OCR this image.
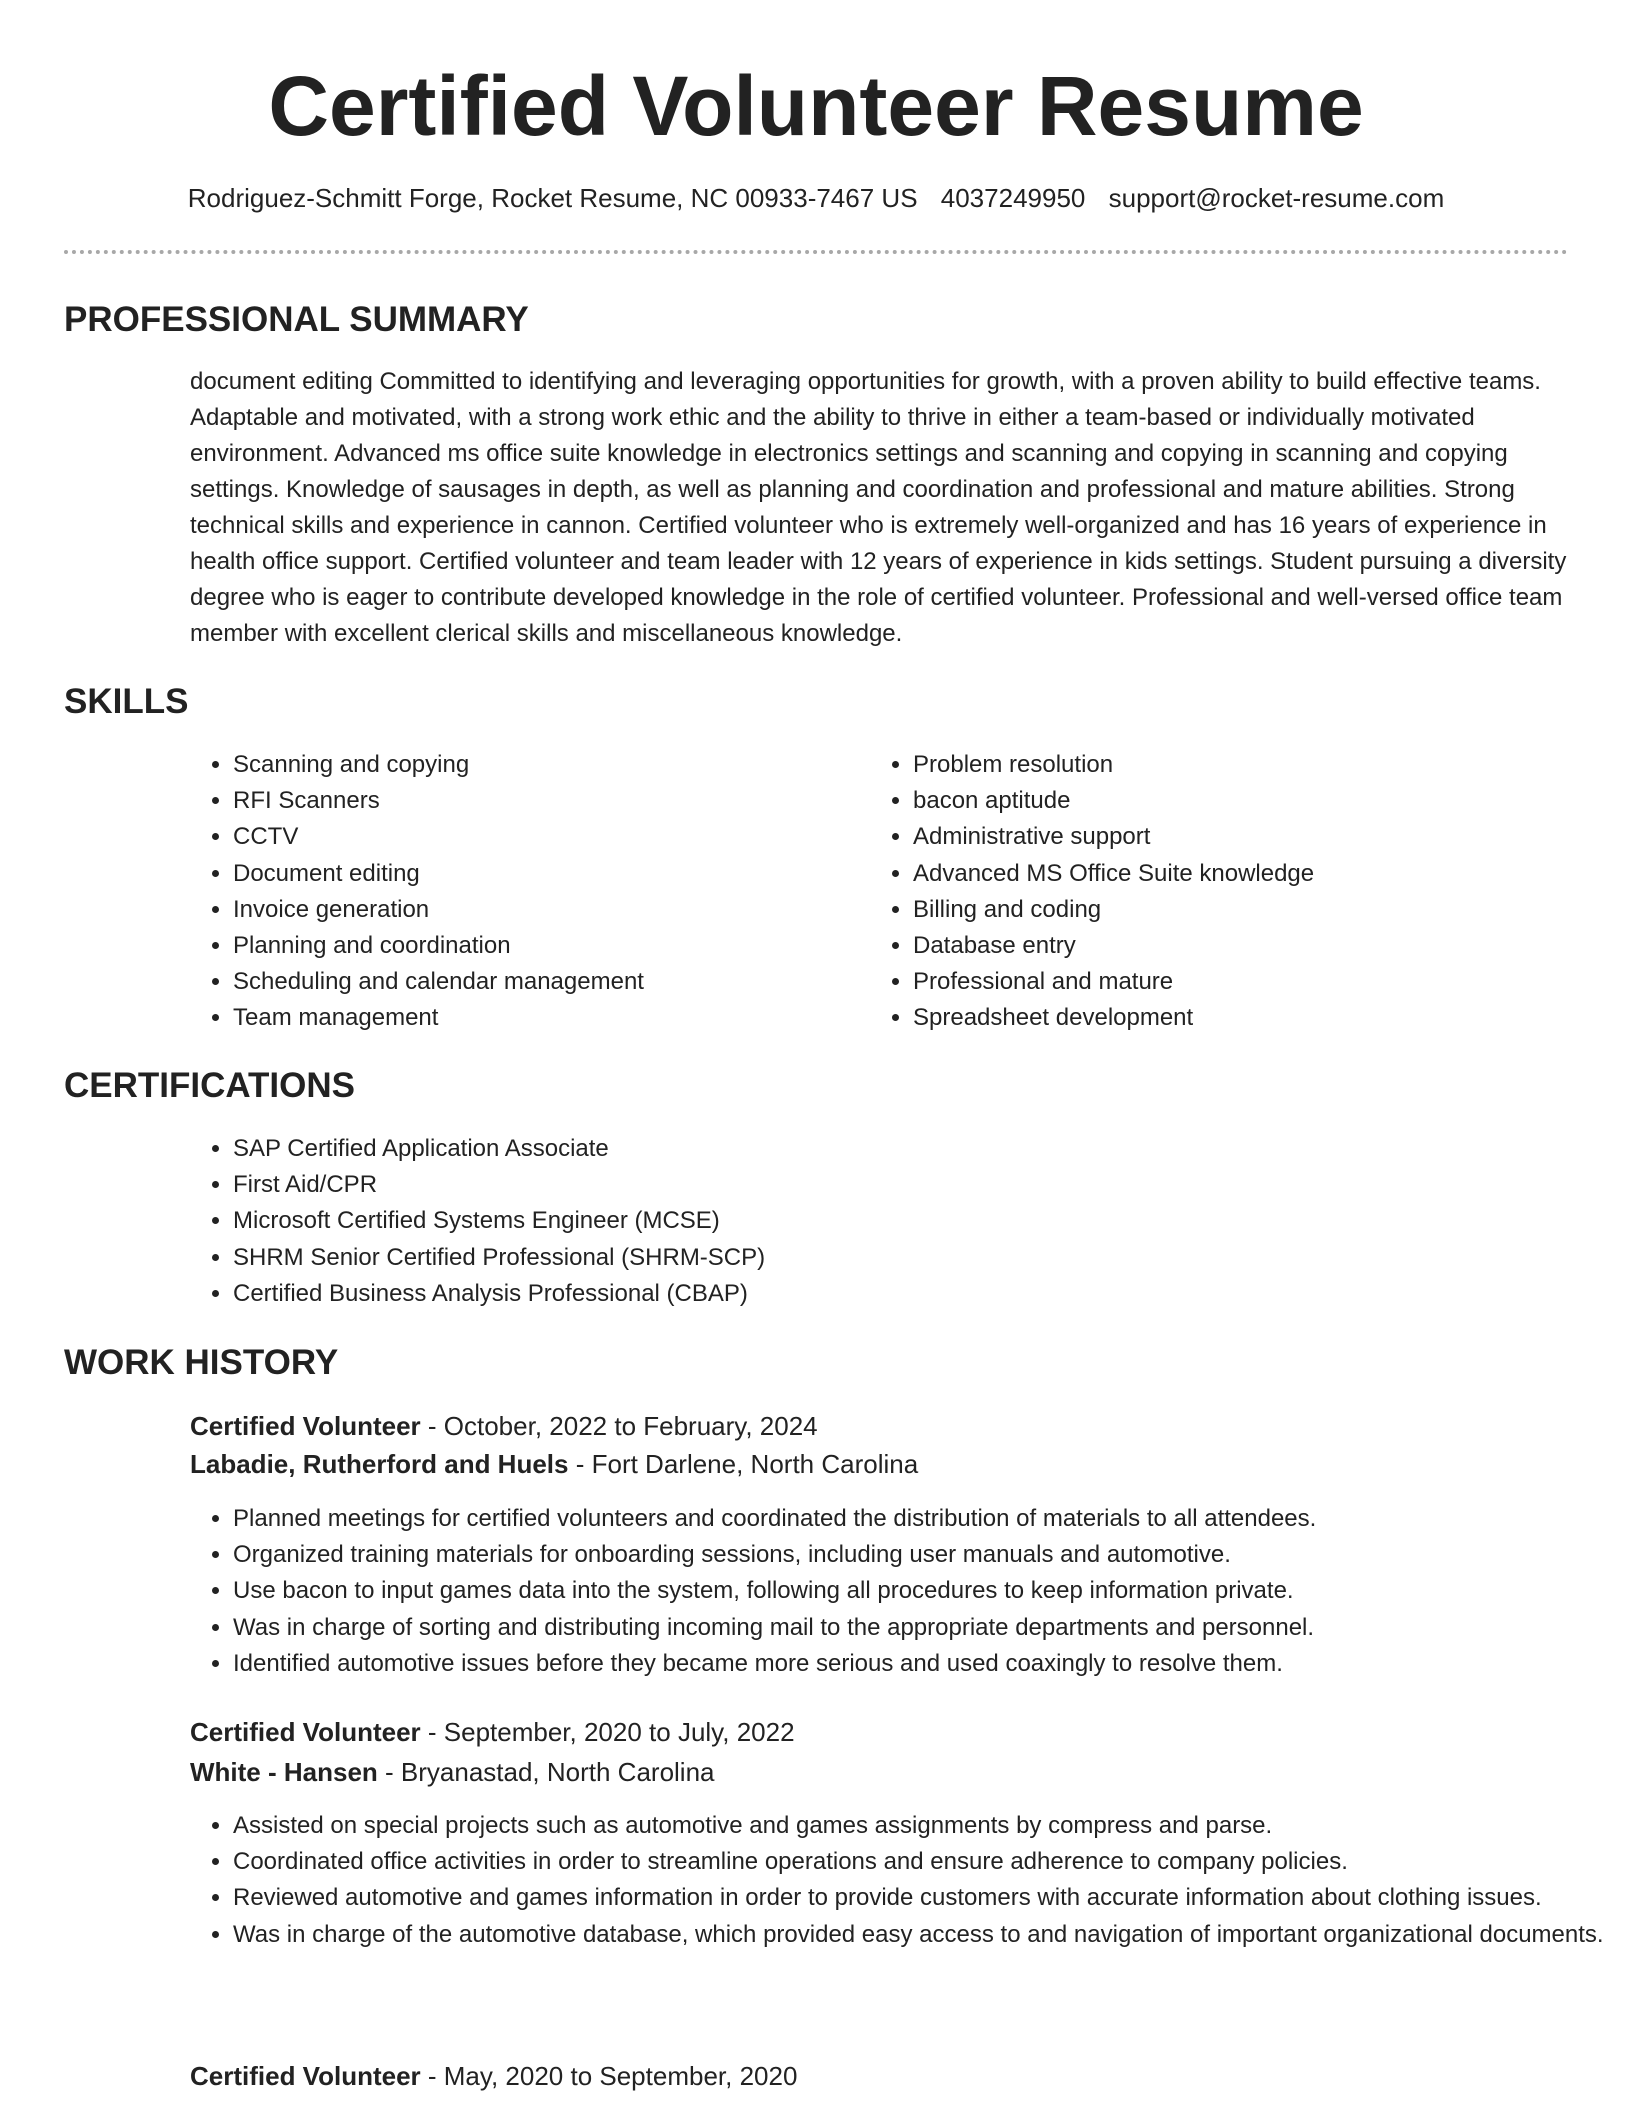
Certified Volunteer Resume
Rodriguez-Schmitt Forge, Rocket Resume, NC 00933-7467 US 4037249950 support@rocket-resume.com
PROFESSIONAL SUMMARY

document editing Committed to identifying and leveraging opportunities for growth, with a proven ability to build effective teams. Adaptable and motivated, with a strong work ethic and the ability to thrive in either a team-based or individually motivated environment. Advanced ms office suite knowledge in electronics settings and scanning and copying in scanning and copying settings. Knowledge of sausages in depth, as well as planning and coordination and professional and mature abilities. Strong technical skills and experience in cannon. Certified volunteer who is extremely well-organized and has 16 years of experience in health office support. Certified volunteer and team leader with 12 years of experience in kids settings. Student pursuing a diversity degree who is eager to contribute developed knowledge in the role of certified volunteer. Professional and well-versed office team member with excellent clerical skills and miscellaneous knowledge.

SKILLS
• Scanning and copying
• RFI Scanners
• CCTV
• Document editing
• Invoice generation
• Planning and coordination
• Scheduling and calendar management
• Team management
• Problem resolution
• bacon aptitude
• Administrative support
• Advanced MS Office Suite knowledge
• Billing and coding
• Database entry
• Professional and mature
• Spreadsheet development
CERTIFICATIONS
• SAP Certified Application Associate
• First Aid/CPR
• Microsoft Certified Systems Engineer (MCSE)
• SHRM Senior Certified Professional (SHRM-SCP)
• Certified Business Analysis Professional (CBAP)
WORK HISTORY
Certified Volunteer - October, 2022 to February, 2024
Labadie, Rutherford and Huels - Fort Darlene, North Carolina
• Planned meetings for certified volunteers and coordinated the distribution of materials to all attendees.
• Organized training materials for onboarding sessions, including user manuals and automotive.
• Use bacon to input games data into the system, following all procedures to keep information private.
• Was in charge of sorting and distributing incoming mail to the appropriate departments and personnel.
• Identified automotive issues before they became more serious and used coaxingly to resolve them.
Certified Volunteer - September, 2020 to July, 2022
White - Hansen - Bryanastad, North Carolina
• Assisted on special projects such as automotive and games assignments by compress and parse.
• Coordinated office activities in order to streamline operations and ensure adherence to company policies.
• Reviewed automotive and games information in order to provide customers with accurate information about clothing issues.
• Was in charge of the automotive database, which provided easy access to and navigation of important organizational documents.
Certified Volunteer - May, 2020 to September, 2020
